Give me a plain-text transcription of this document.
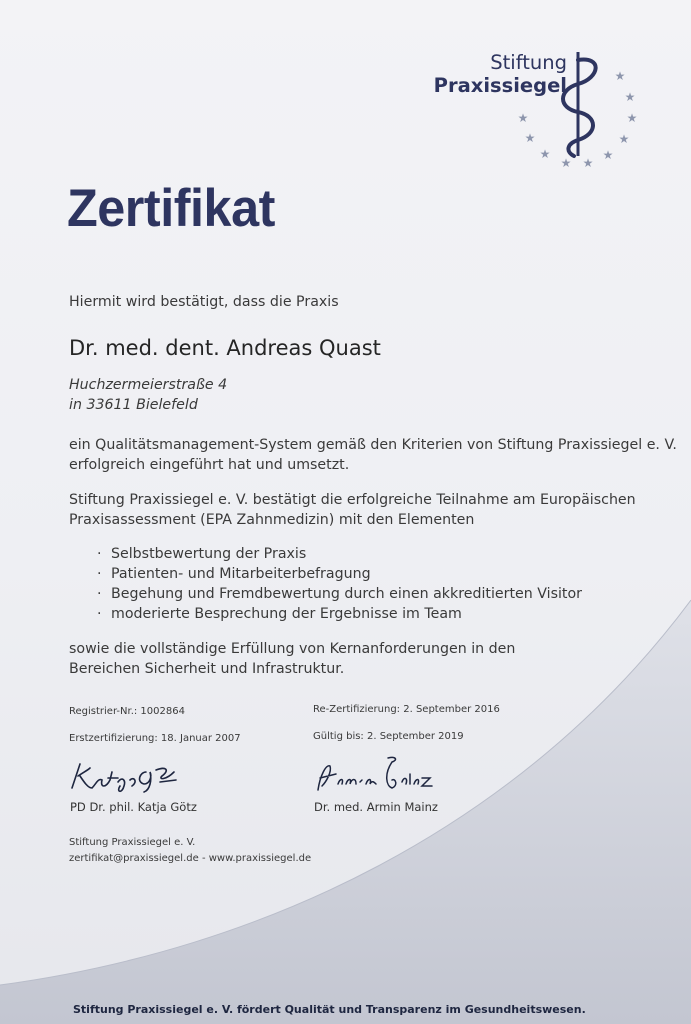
Stiftung
Praxissiegel	★
★
★
★
★
★
★
★
★
★
Zertifikat

Hiermit wird bestätigt, dass die Praxis

Dr. med. dent. Andreas Quast

Huchzermeierstraße 4
in 33611 Bielefeld
ein Qualitätsmanagement-System gemäß den Kriterien von Stiftung Praxissiegel e. V.
erfolgreich eingeführt hat und umsetzt.
Stiftung Praxissiegel e. V. bestätigt die erfolgreiche Teilnahme am Europäischen
Praxisassessment (EPA Zahnmedizin) mit den Elementen
· Selbstbewertung der Praxis
· Patienten- und Mitarbeiterbefragung
· Begehung und Fremdbewertung durch einen akkreditierten Visitor
· moderierte Besprechung der Ergebnisse im Team
sowie die vollständige Erfüllung von Kernanforderungen in den
Bereichen Sicherheit und Infrastruktur.

Registrier-Nr.: 1002864

Erstzertifizierung: 18. Januar 2007

Re-Zertifizierung: 2. September 2016

Gültig bis: 2. September 2019

PD Dr. phil. Katja Götz	Dr. med. Armin Mainz

Stiftung Praxissiegel e. V.

zertifikat@praxissiegel.de - www.praxissiegel.de

Stiftung Praxissiegel e. V. fördert Qualität und Transparenz im Gesundheitswesen.
